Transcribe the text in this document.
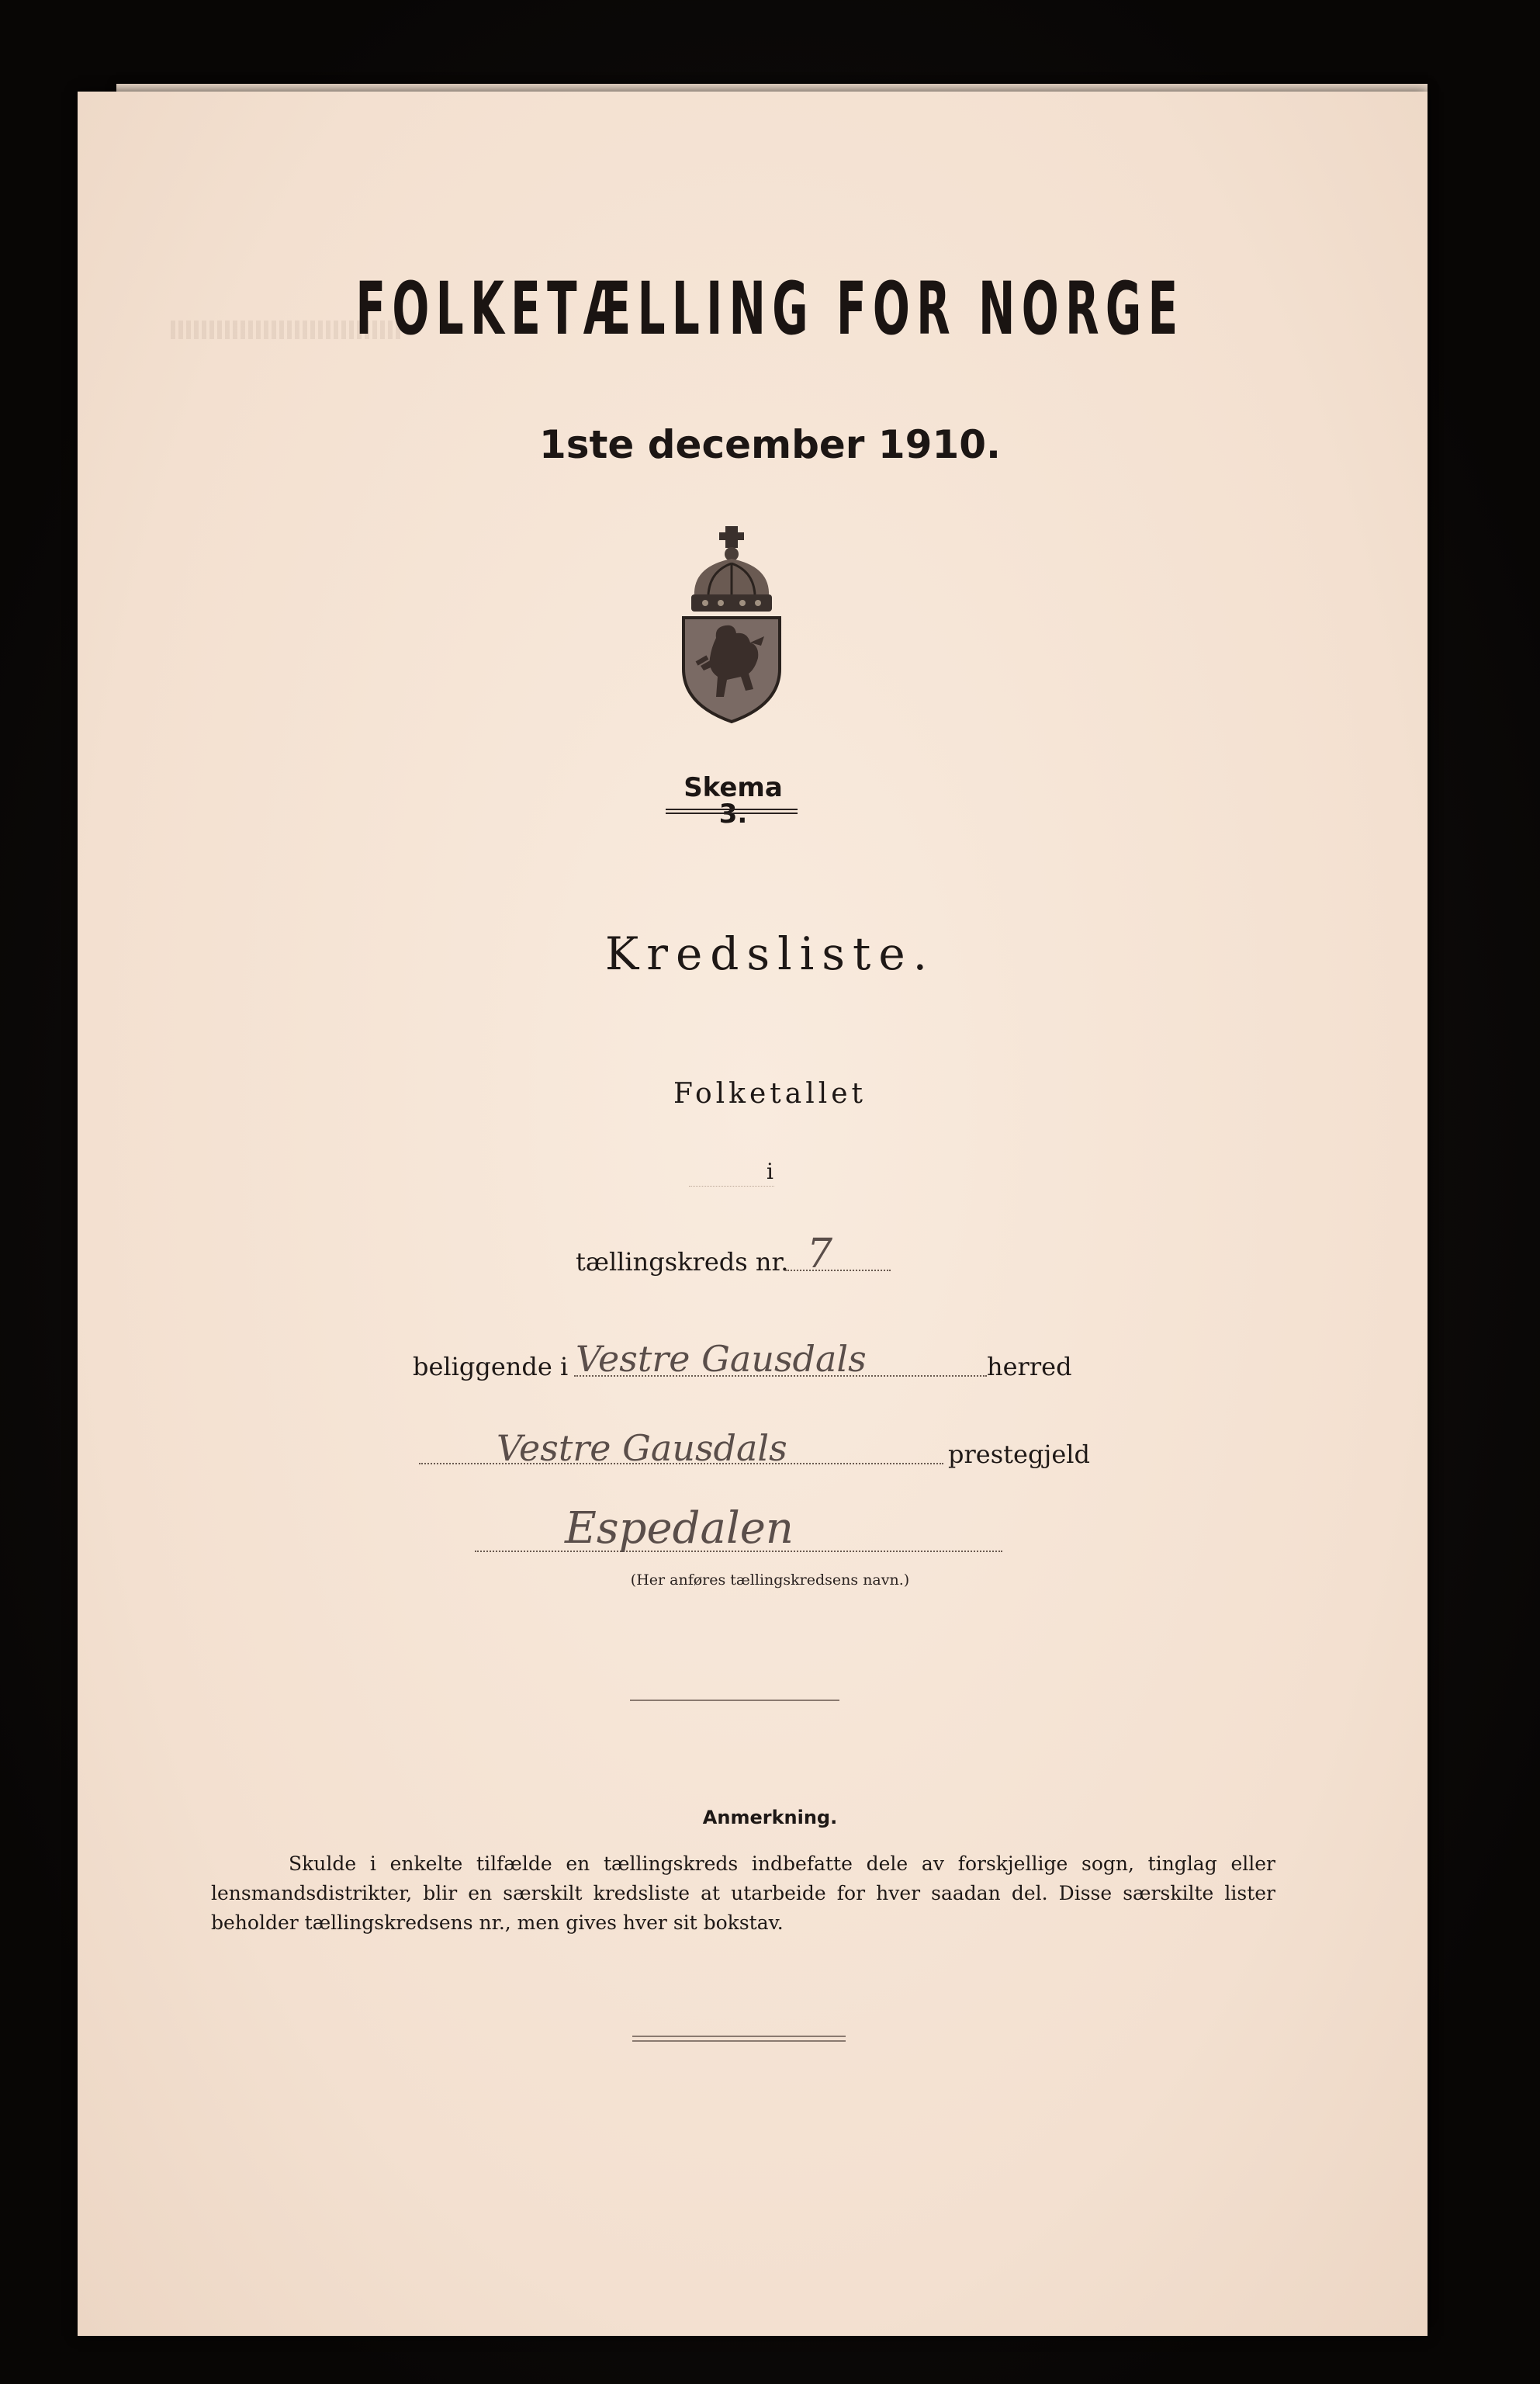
FOLKETÆLLING FOR NORGE
1ste december 1910.
Skema 3.
Kredsliste.
Folketallet
i
tællingskreds nr. 7
beliggende i Vestre Gausdals	herred
Vestre Gausdals	prestegjeld
Espedalen
(Her anføres tællingskredsens navn.)
Anmerkning.
Skulde i enkelte tilfælde en tællingskreds indbefatte dele av forskjellige sogn, tinglag eller lensmandsdistrikter, blir en særskilt kredsliste at utarbeide for hver saadan del. Disse særskilte lister beholder tællingskredsens nr., men gives hver sit bokstav.
